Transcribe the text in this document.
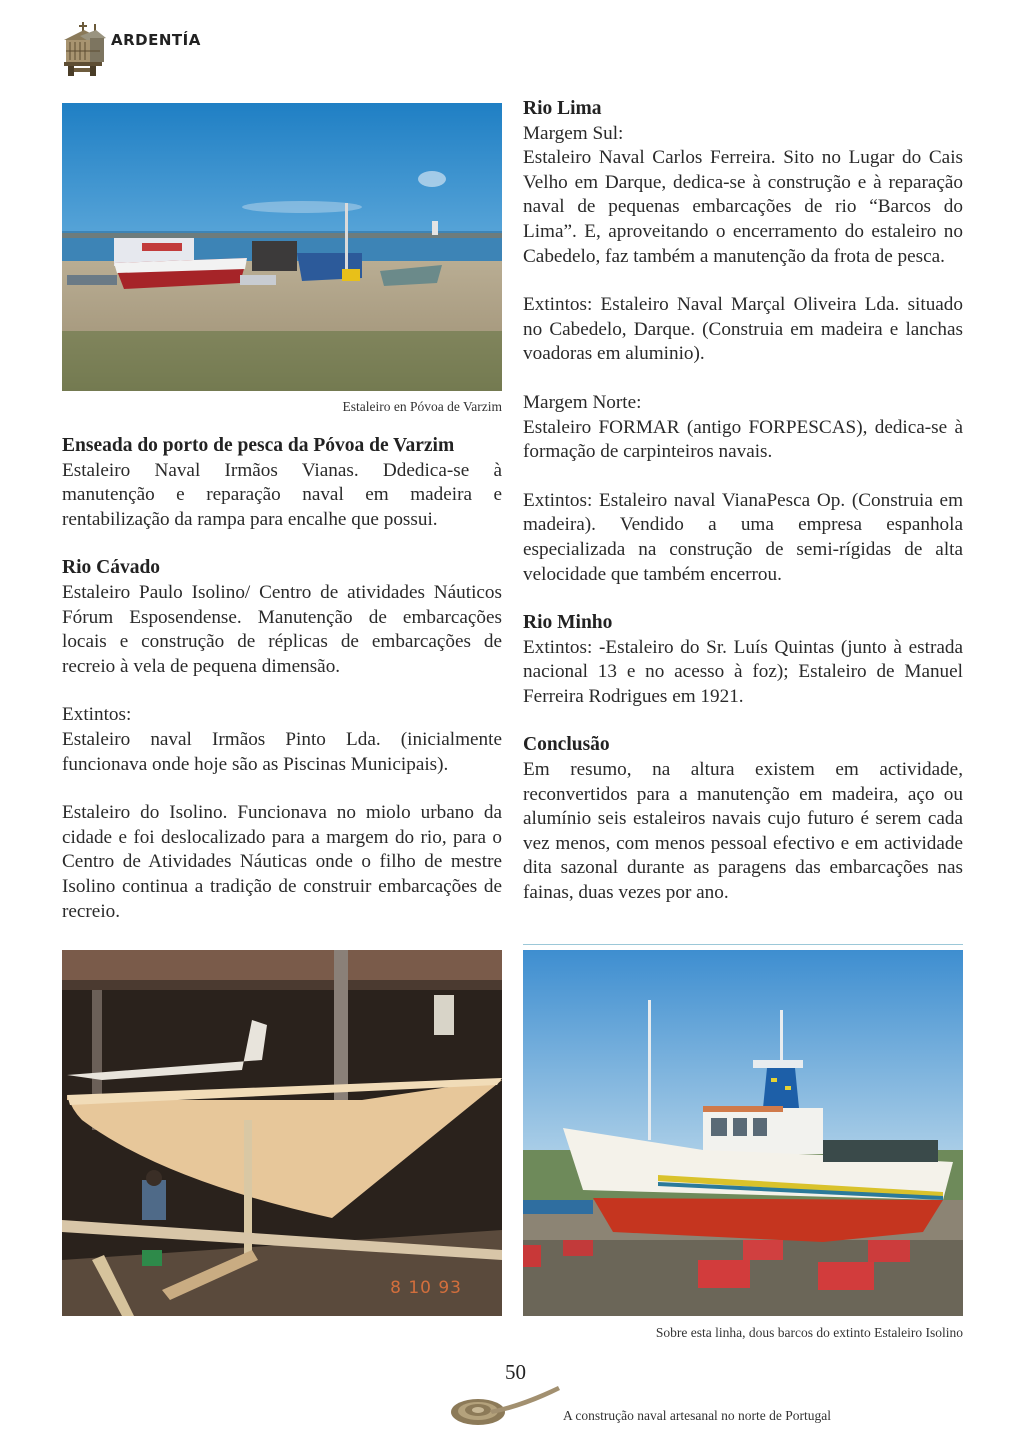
ARDENTÍA
Estaleiro en Póvoa de Varzim
Enseada do porto de pesca da Póvoa de Varzim

Estaleiro Naval Irmãos Vianas. Ddedica-se à manutenção e reparação naval em madeira e rentabilização da rampa para encalhe que possui.

Rio Cávado

Estaleiro Paulo Isolino/ Centro de atividades Náuticos Fórum Esposendense. Manutenção de embarcações locais e construção de réplicas de embarcações de recreio à vela de pequena dimensão.

Extintos:

Estaleiro naval Irmãos Pinto Lda. (inicialmente funcionava onde hoje são as Piscinas Municipais).

Estaleiro do Isolino. Funcionava no miolo urbano da cidade e foi deslocalizado para a margem do rio, para o Centro de Atividades Náuticas onde o filho de mestre Isolino continua a tradição de construir embarcações de recreio.

Rio Lima

Margem Sul:

Estaleiro Naval Carlos Ferreira. Sito no Lugar do Cais Velho em Darque, dedica-se à construção e à reparação naval de pequenas embarcações de rio “Barcos do Lima”. E, aproveitando o encerramento do estaleiro no Cabedelo, faz também a manutenção da frota de pesca.

Extintos: Estaleiro Naval Marçal Oliveira Lda. situado no Cabedelo, Darque. (Construia em madeira e lanchas voadoras em aluminio).

Margem Norte:

Estaleiro FORMAR (antigo FORPESCAS), dedica-se à formação de carpinteiros navais.

Extintos: Estaleiro naval VianaPesca Op. (Construia em madeira). Vendido a uma empresa espanhola especializada na construção de semi-rígidas de alta velocidade que também encerrou.

Rio Minho

Extintos: -Estaleiro do Sr. Luís Quintas (junto à estrada nacional 13 e no acesso à foz); Estaleiro de Manuel Ferreira Rodrigues em 1921.

Conclusão

Em resumo, na altura existem em actividade, reconvertidos para a manutenção em madeira, aço ou alumínio seis estaleiros navais cujo futuro é serem cada vez menos, com menos pessoal efectivo e em actividade dita sazonal durante as paragens das embarcações nas fainas, duas vezes por ano.

8 10 93
Sobre esta linha, dous barcos do extinto Estaleiro Isolino
50
A construção naval artesanal no norte de Portugal
